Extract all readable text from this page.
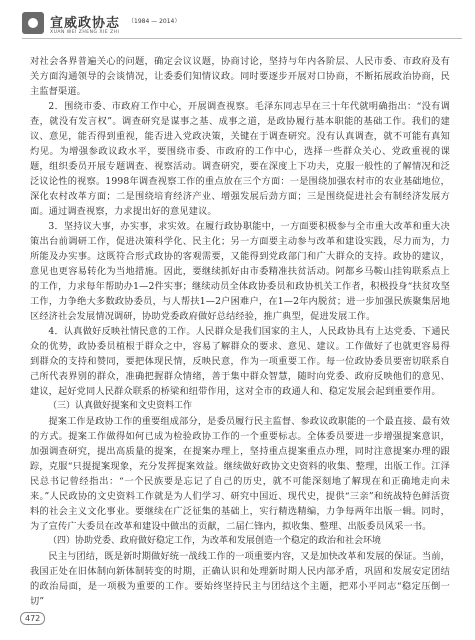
宣威政协志 （1984 — 2014）
XUAN WEI ZHENG XIE ZHI

对社会各界普遍关心的问题，确定会议议题，协商讨论，坚持与年内各阶层、人民市委、市政府及有关方面沟通领导的会谈情况，让委委们知情议政。同时要逐步开展对口协商，不断拓展政治协商，民主监督渠道。

2．围绕市委、市政府工作中心，开展调查视察。毛泽东同志早在三十年代就明确指出：“没有调查，就没有发言权”。调查研究是谋事之基、成事之道，是政协履行基本职能的基础工作。我们的建议、意见，能否得到重视，能否进入党政决策，关键在于调查研究。没有认真调查，就不可能有真知灼见。为增强参政议政水平，要围绕市委、市政府的工作中心，选择一些群众关心、党政重视的课题，组织委员开展专题调查、视察活动。调查研究，要在深度上下功夫，克服一般性的了解情况和泛泛议论性的视察。1998年调查视察工作的重点放在三个方面：一是围绕加强农村市的农业基础地位，深化农村改革方面；二是围绕培育经济产业、增强发展后劲方面；三是围绕促进社会有制经济发展方面。通过调查视察，力求提出好的意见建议。

3．坚持议大事，办实事，求实效。在履行政协职能中，一方面要积极参与全市重大改革和重大决策出台前调研工作，促进决策科学化、民主化；另一方面要主动参与改革和建设实践，尽力而为，力所能及办实事。这既符合形式政协的客观需要，又能得到党政部门和广大群众的支持。政协的建议，意见也更容易转化为当地措施。因此，要继续抓好由市委精准扶贫活动。阿都乡马鞍山挂钩联系点上的工作，力求每年帮助办1—2件实事；继续动员全体政协委员和政协机关工作者，积极投身“扶贫攻坚工作，力争绝大多数政协委员，与人帮扶1—2户困难户，在1—2年内脱贫；进一步加强民族聚集居地区经济社会发展情况调研，协助党委政府做好总结经验，推广典型，促进发展工作。

4．认真做好反映社情民意的工作。人民群众是我们国家的主人，人民政协具有上达党委、下通民众的优势，政协委员植根于群众之中，容易了解群众的要求、意见、建议。工作做好了也就更容易得到群众的支持和赞同，要把体现民情，反映民意，作为一项重要工作。每一位政协委员要密切联系自己所代表界别的群众，准确把握群众情绪，善于集中群众智慧，随时向党委、政府反映他们的意见、建议，起好党同人民群众联系的桥梁和纽带作用，这对全市的政通人和、稳定发展会起到重要作用。

（三）认真做好提案和文史资料工作

提案工作是政协工作的重要组成部分，是委员履行民主监督、参政议政职能的一个最直接、最有效的方式。提案工作做得如何已成为检验政协工作的一个重要标志。全体委员要进一步增强提案意识，加强调查研究，提出高质量的提案，在提案办理上，坚持重点提案重点办理，同时注意提案办理的跟踪，克服“只提提案现象，充分发挥提案效益。继续做好政协文史资料的收集、整理，出版工作。江泽民总书记曾经指出：“一个民族要是忘记了自己的历史，就不可能深刻地了解现在和正确地走向未来。”人民政协的文史资料工作就是为人们学习、研究中国近、现代史，提供“三亲”和统战特色鲜活资料的社会主义文化事业。要继续在广泛征集的基础上，实行精选精编，力争每两年出版一辑。同时，为了宣传广大委员在改革和建设中做出的贡献，二届仁锋内，拟收集、整理、出版委员风采一书。

（四）协助党委、政府做好稳定工作，为改革和发展创造一个稳定的政治和社会环境

民主与团结，既是新时期做好统一战线工作的一项重要内容，又是加快改革和发展的保证。当前，我国正处在旧体制向新体制转变的时期，正确认识和处理新时期人民内部矛盾，巩固和发展安定团结的政治局面，是一项极为重要的工作。要始终坚持民主与团结这个主题，把邓小平同志“稳定压倒一切”

472
